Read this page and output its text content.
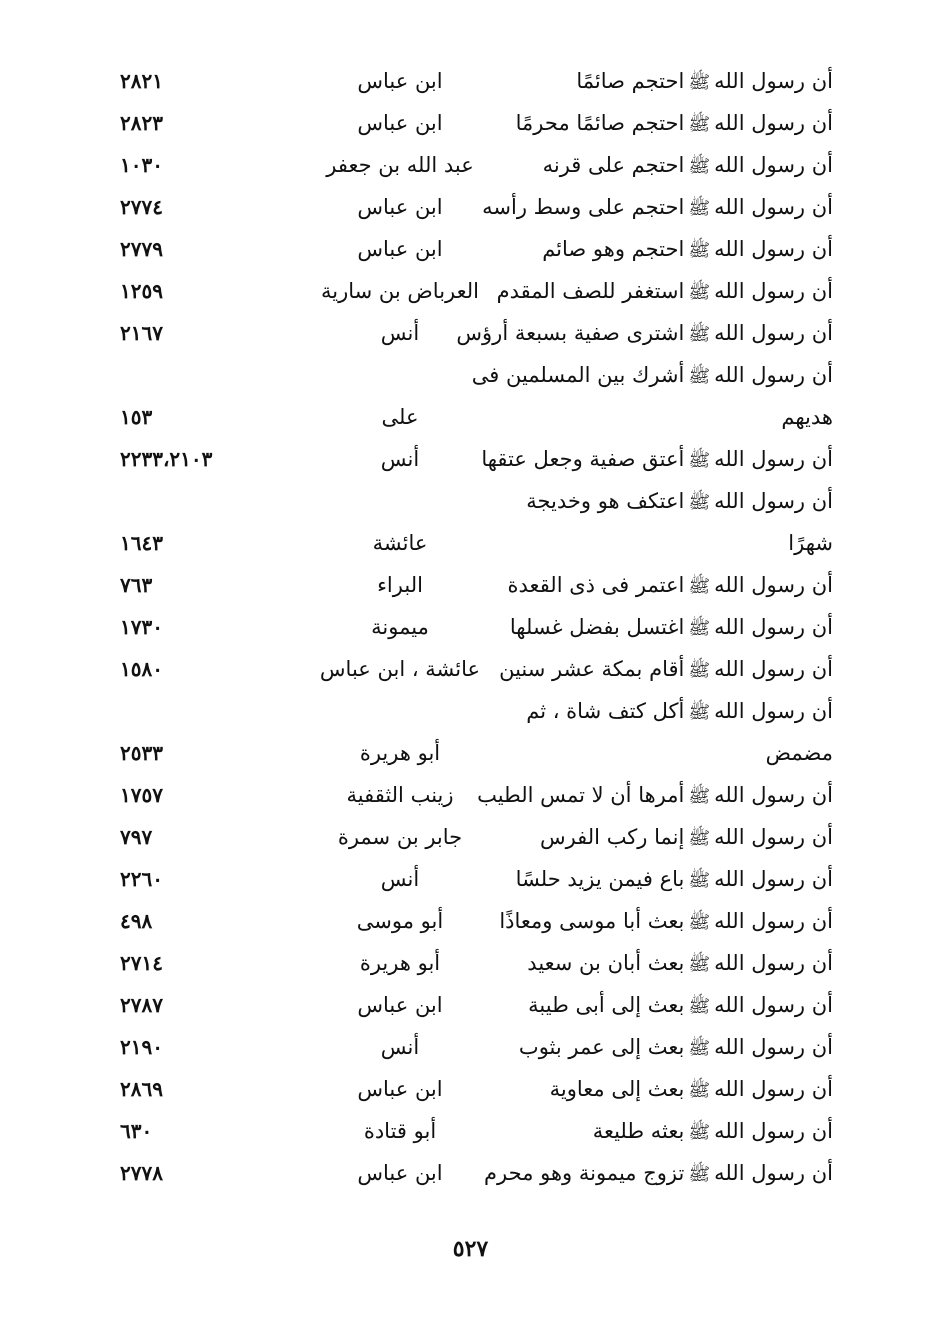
أن رسول اللهﷺاحتجم صائمًا
ابن عباس
٢٨٢١
أن رسول اللهﷺاحتجم صائمًا محرمًا
ابن عباس
٢٨٢٣
أن رسول اللهﷺاحتجم على قرنه
عبد الله بن جعفر
١٠٣٠
أن رسول اللهﷺاحتجم على وسط رأسه
ابن عباس
٢٧٧٤
أن رسول اللهﷺاحتجم وهو صائم
ابن عباس
٢٧٧٩
أن رسول اللهﷺاستغفر للصف المقدم
العرباض بن سارية
١٢٥٩
أن رسول اللهﷺاشترى صفية بسبعة أرؤس
أنس
٢١٦٧
أن رسول اللهﷺأشرك بين المسلمين فى
هديهم
على
١٥٣
أن رسول اللهﷺأعتق صفية وجعل عتقها
أنس
٢٢٣٣،٢١٠٣
أن رسول اللهﷺاعتكف هو وخديجة
شهرًا
عائشة
١٦٤٣
أن رسول اللهﷺاعتمر فى ذى القعدة
البراء
٧٦٣
أن رسول اللهﷺاغتسل بفضل غسلها
ميمونة
١٧٣٠
أن رسول اللهﷺأقام بمكة عشر سنين
عائشة ، ابن عباس
١٥٨٠
أن رسول اللهﷺأكل كتف شاة ، ثم
مضمض
أبو هريرة
٢٥٣٣
أن رسول اللهﷺأمرها أن لا تمس الطيب
زينب الثقفية
١٧٥٧
أن رسول اللهﷺإنما ركب الفرس
جابر بن سمرة
٧٩٧
أن رسول اللهﷺباع فيمن يزيد حلسًا
أنس
٢٢٦٠
أن رسول اللهﷺبعث أبا موسى ومعاذًا
أبو موسى
٤٩٨
أن رسول اللهﷺبعث أبان بن سعيد
أبو هريرة
٢٧١٤
أن رسول اللهﷺبعث إلى أبى طيبة
ابن عباس
٢٧٨٧
أن رسول اللهﷺبعث إلى عمر بثوب
أنس
٢١٩٠
أن رسول اللهﷺبعث إلى معاوية
ابن عباس
٢٨٦٩
أن رسول اللهﷺبعثه طليعة
أبو قتادة
٦٣٠
أن رسول اللهﷺتزوج ميمونة وهو محرم
ابن عباس
٢٧٧٨
٥٢٧
